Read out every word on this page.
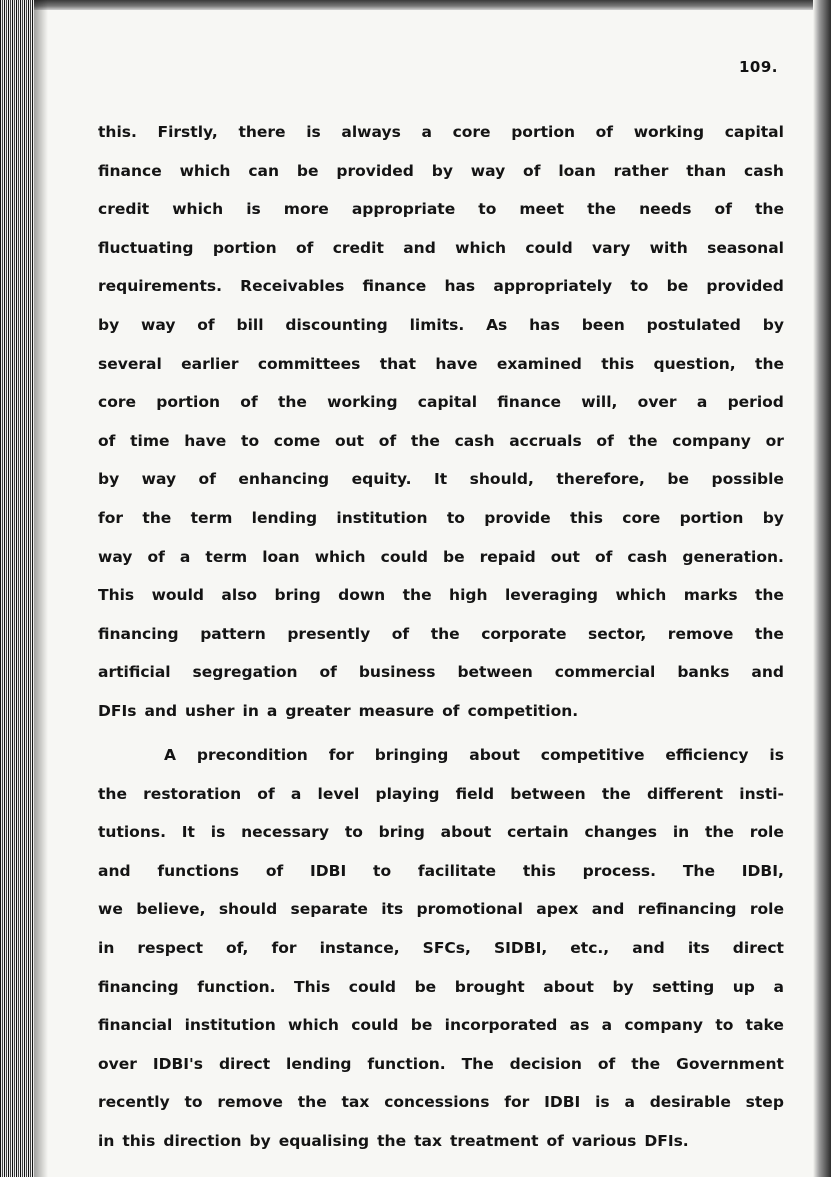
109.
this. Firstly, there is always a core portion of working capital
finance which can be provided by way of loan rather than cash
credit which is more appropriate to meet the needs of the
fluctuating portion of credit and which could vary with seasonal
requirements. Receivables finance has appropriately to be provided
by way of bill discounting limits. As has been postulated by
several earlier committees that have examined this question, the
core portion of the working capital finance will, over a period
of time have to come out of the cash accruals of the company or
by way of enhancing equity. It should, therefore, be possible
for the term lending institution to provide this core portion by
way of a term loan which could be repaid out of cash generation.
This would also bring down the high leveraging which marks the
financing pattern presently of the corporate sector, remove the
artificial segregation of business between commercial banks and
DFIs and usher in a greater measure of competition.
A precondition for bringing about competitive efficiency is
the restoration of a level playing field between the different insti-
tutions. It is necessary to bring about certain changes in the role
and functions of IDBI to facilitate this process. The IDBI,
we believe, should separate its promotional apex and refinancing role
in respect of, for instance, SFCs, SIDBI, etc., and its direct
financing function. This could be brought about by setting up a
financial institution which could be incorporated as a company to take
over IDBI's direct lending function. The decision of the Government
recently to remove the tax concessions for IDBI is a desirable step
in this direction by equalising the tax treatment of various DFIs.
